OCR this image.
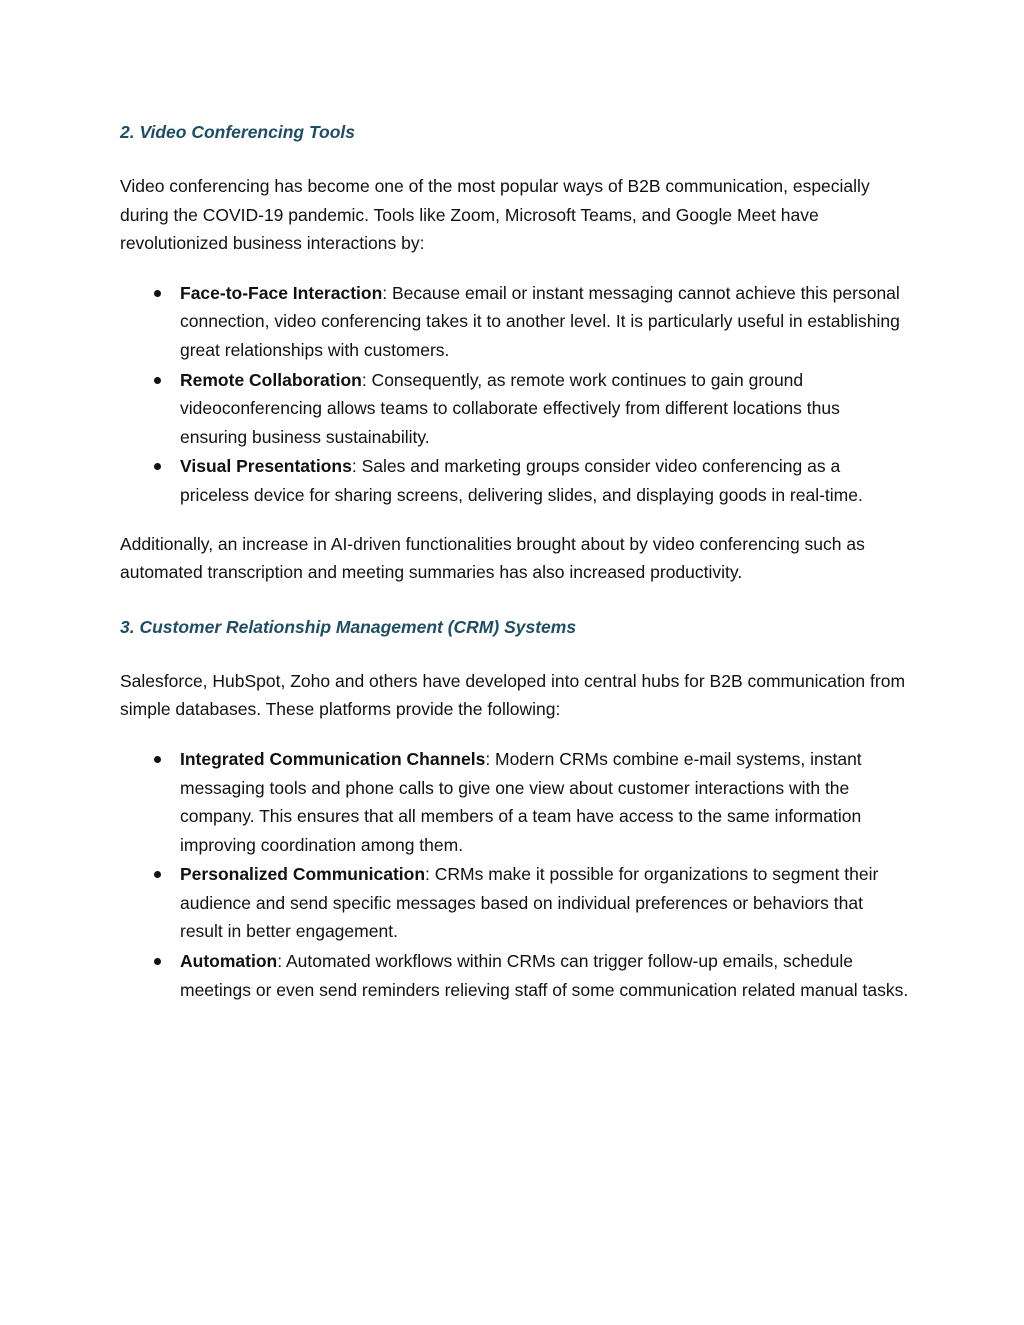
2. Video Conferencing Tools

Video conferencing has become one of the most popular ways of B2B communication, especially during the COVID-19 pandemic. Tools like Zoom, Microsoft Teams, and Google Meet have revolutionized business interactions by:

Face-to-Face Interaction: Because email or instant messaging cannot achieve this personal connection, video conferencing takes it to another level. It is particularly useful in establishing great relationships with customers.
Remote Collaboration: Consequently, as remote work continues to gain ground videoconferencing allows teams to collaborate effectively from different locations thus ensuring business sustainability.
Visual Presentations: Sales and marketing groups consider video conferencing as a priceless device for sharing screens, delivering slides, and displaying goods in real-time.

Additionally, an increase in AI-driven functionalities brought about by video conferencing such as automated transcription and meeting summaries has also increased productivity.

3. Customer Relationship Management (CRM) Systems

Salesforce, HubSpot, Zoho and others have developed into central hubs for B2B communication from simple databases. These platforms provide the following:

Integrated Communication Channels: Modern CRMs combine e-mail systems, instant messaging tools and phone calls to give one view about customer interactions with the company. This ensures that all members of a team have access to the same information improving coordination among them.
Personalized Communication: CRMs make it possible for organizations to segment their audience and send specific messages based on individual preferences or behaviors that result in better engagement.
Automation: Automated workflows within CRMs can trigger follow-up emails, schedule meetings or even send reminders relieving staff of some communication related manual tasks.
